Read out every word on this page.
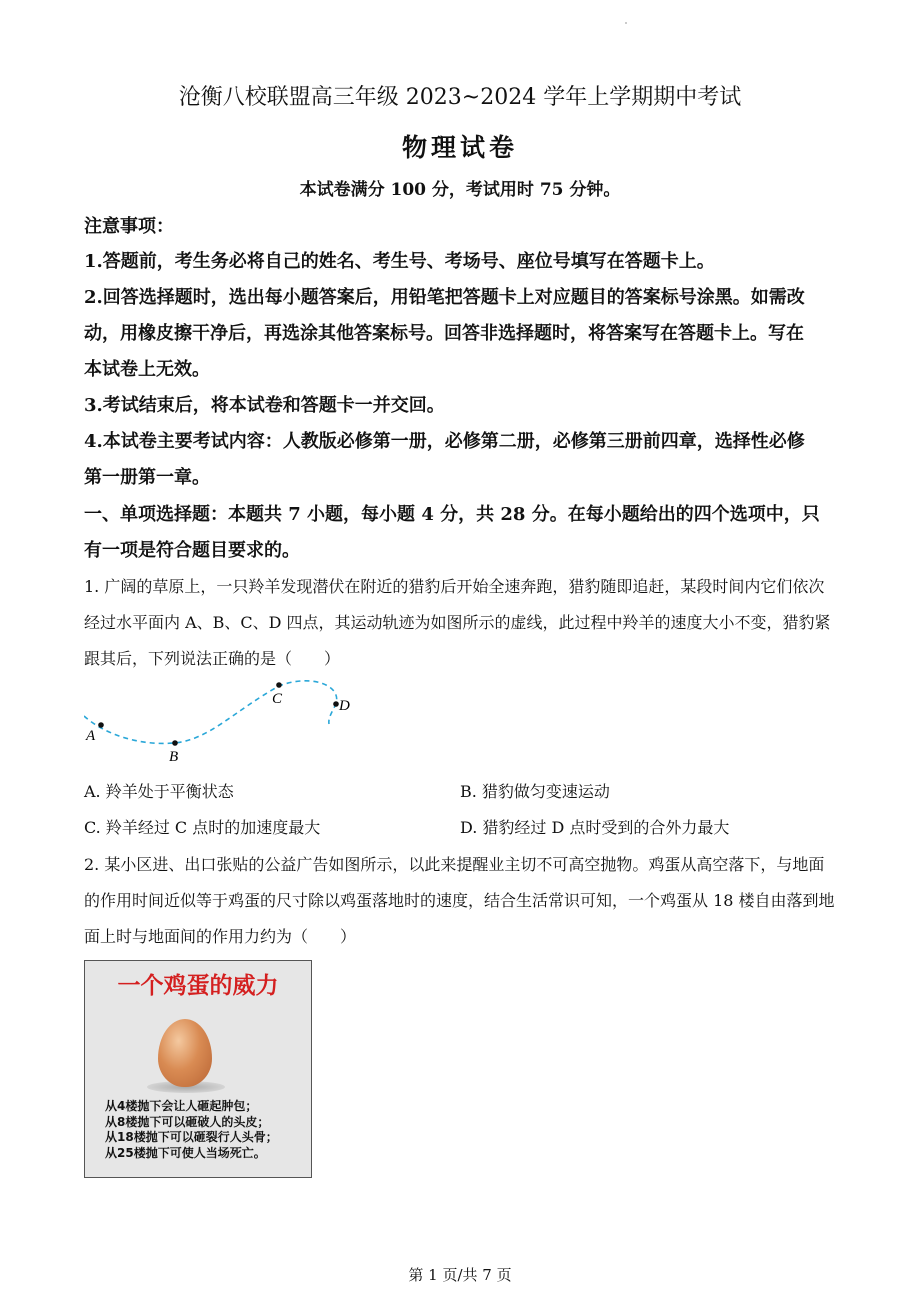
沧衡八校联盟高三年级 2023~2024 学年上学期期中考试
物理试卷
本试卷满分 100 分，考试用时 75 分钟。
注意事项：
1.答题前，考生务必将自己的姓名、考生号、考场号、座位号填写在答题卡上。
2.回答选择题时，选出每小题答案后，用铅笔把答题卡上对应题目的答案标号涂黑。如需改
动，用橡皮擦干净后，再选涂其他答案标号。回答非选择题时，将答案写在答题卡上。写在
本试卷上无效。
3.考试结束后，将本试卷和答题卡一并交回。
4.本试卷主要考试内容：人教版必修第一册，必修第二册，必修第三册前四章，选择性必修
第一册第一章。
一、单项选择题：本题共 7 小题，每小题 4 分，共 28 分。在每小题给出的四个选项中，只
有一项是符合题目要求的。
1. 广阔的草原上，一只羚羊发现潜伏在附近的猎豹后开始全速奔跑，猎豹随即追赶，某段时间内它们依次
经过水平面内 A、B、C、D 四点，其运动轨迹为如图所示的虚线，此过程中羚羊的速度大小不变，猎豹紧
跟其后，下列说法正确的是（　　）
A
B
C	D
A. 羚羊处于平衡状态	B. 猎豹做匀变速运动
C. 羚羊经过 C 点时的加速度最大	D. 猎豹经过 D 点时受到的合外力最大
2. 某小区进、出口张贴的公益广告如图所示，以此来提醒业主切不可高空抛物。鸡蛋从高空落下，与地面
的作用时间近似等于鸡蛋的尺寸除以鸡蛋落地时的速度，结合生活常识可知，一个鸡蛋从 18 楼自由落到地
面上时与地面间的作用力约为（　　）
一个鸡蛋的威力
从4楼抛下会让人砸起肿包；
从8楼抛下可以砸破人的头皮；
从18楼抛下可以砸裂行人头骨；
从25楼抛下可使人当场死亡。
第 1 页/共 7 页
